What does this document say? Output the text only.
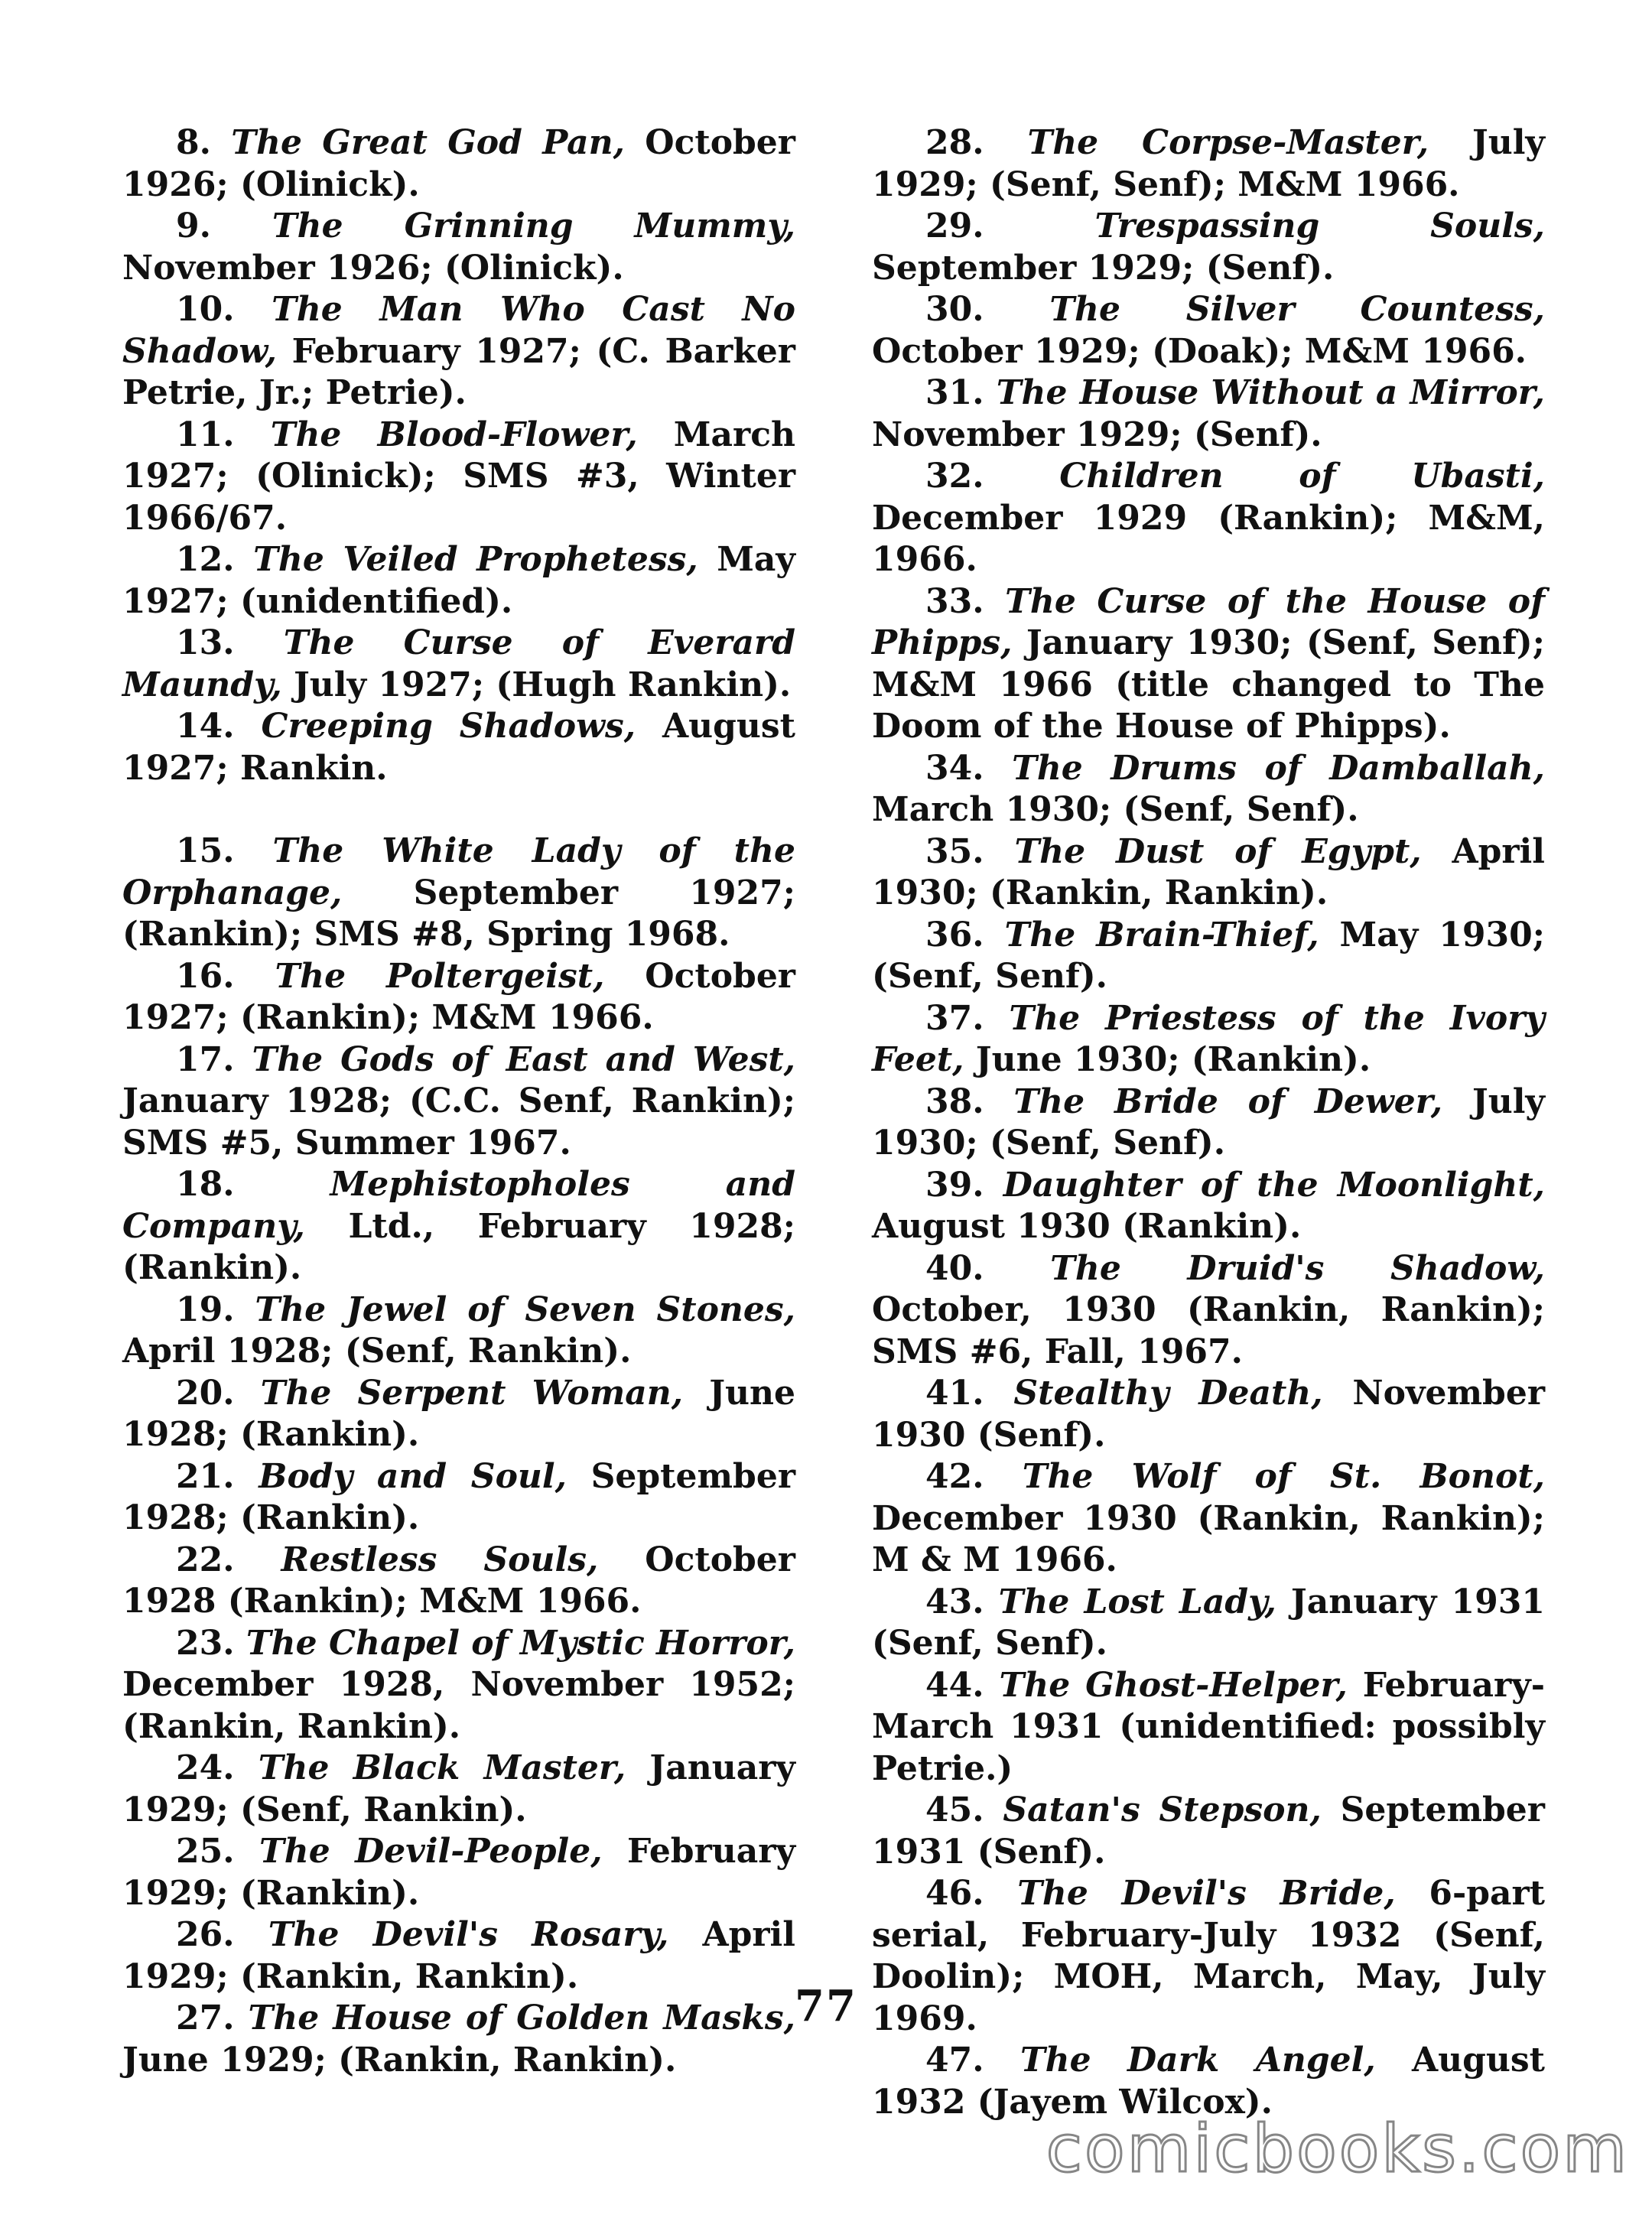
8. The Great God Pan, October 1926; (Olinick).

9. The Grinning Mummy, November 1926; (Olinick).

10. The Man Who Cast No Shadow, February 1927; (C. Barker Petrie, Jr.; Petrie).

11. The Blood-Flower, March 1927; (Olinick); SMS #3, Winter 1966/67.

12. The Veiled Prophetess, May 1927; (unidentified).

13. The Curse of Everard Maundy, July 1927; (Hugh Rankin).

14. Creeping Shadows, August 1927; Rankin.

15. The White Lady of the Orphanage, September 1927; (Rankin); SMS #8, Spring 1968.

16. The Poltergeist, October 1927; (Rankin); M&M 1966.

17. The Gods of East and West, January 1928; (C.C. Senf, Rankin); SMS #5, Summer 1967.

18.	Mephistopholes and Company, Ltd., February 1928; (Rankin).

19. The Jewel of Seven Stones, April 1928; (Senf, Rankin).

20. The Serpent Woman, June 1928; (Rankin).

21. Body and Soul, September 1928; (Rankin).

22. Restless Souls, October 1928 (Rankin); M&M 1966.

23. The Chapel of Mystic Horror, December 1928, November 1952; (Rankin, Rankin).

24. The Black Master, January 1929; (Senf, Rankin).

25. The Devil-People, February 1929; (Rankin).

26. The Devil's Rosary, April 1929; (Rankin, Rankin).

27. The House of Golden Masks, June 1929; (Rankin, Rankin).

28. The Corpse-Master, July 1929; (Senf, Senf); M&M 1966.

29.	Trespassing Souls, September 1929; (Senf).

30. The Silver Countess, October 1929; (Doak); M&M 1966.

31. The House Without a Mirror, November 1929; (Senf).

32. Children of Ubasti, December 1929 (Rankin); M&M, 1966.

33. The Curse of the House of Phipps, January 1930; (Senf, Senf); M&M 1966 (title changed to The Doom of the House of Phipps).

34. The Drums of Damballah, March 1930; (Senf, Senf).

35. The Dust of Egypt, April 1930; (Rankin, Rankin).

36. The Brain-Thief, May 1930; (Senf, Senf).

37. The Priestess of the Ivory Feet, June 1930; (Rankin).

38. The Bride of Dewer, July 1930; (Senf, Senf).

39. Daughter of the Moonlight, August 1930 (Rankin).

40. The Druid's Shadow, October, 1930 (Rankin, Rankin); SMS #6, Fall, 1967.

41. Stealthy Death, November 1930 (Senf).

42. The Wolf of St. Bonot, December 1930 (Rankin, Rankin); M & M 1966.

43. The Lost Lady, January 1931 (Senf, Senf).

44. The Ghost-Helper, February-March 1931 (unidentified: possibly Petrie.)

45. Satan's Stepson, September 1931 (Senf).

46. The Devil's Bride, 6-part serial, February-July 1932 (Senf, Doolin); MOH, March, May, July 1969.

47. The Dark Angel, August 1932 (Jayem Wilcox).

77
comicbooks.com
